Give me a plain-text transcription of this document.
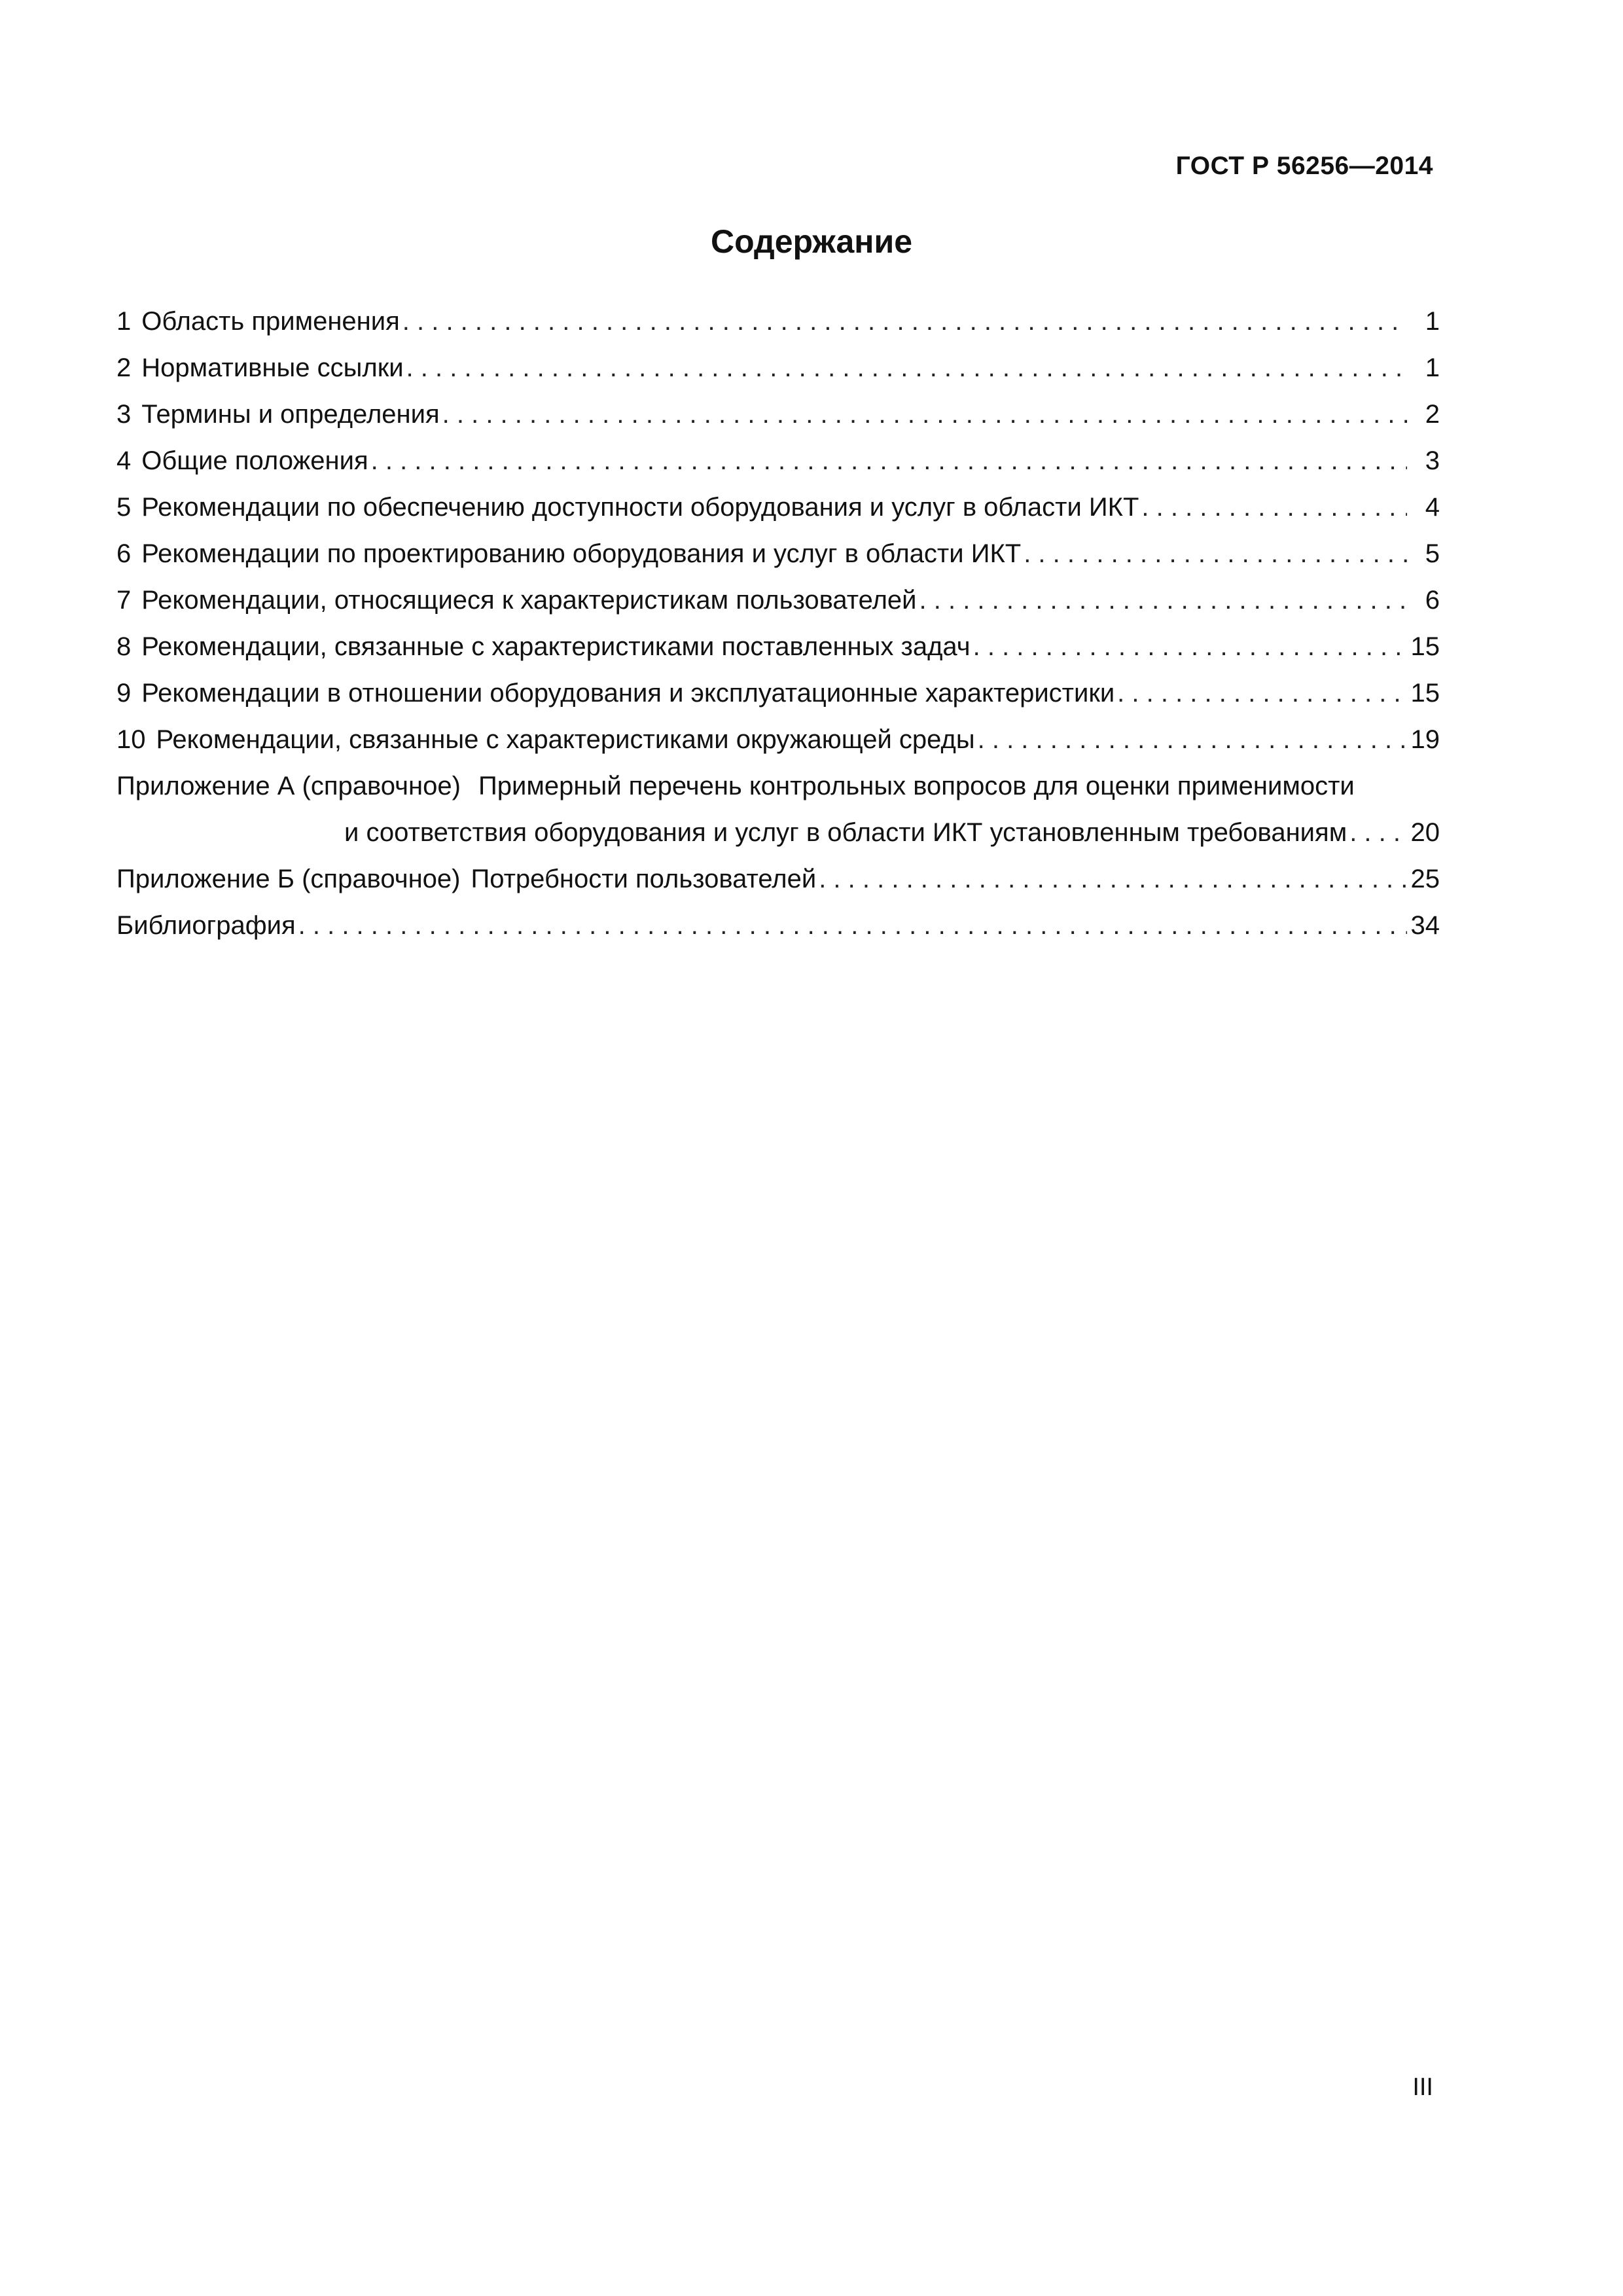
ГОСТ Р 56256—2014
Содержание
1 Область применения . . .	1
2 Нормативные ссылки . . .	1
3 Термины и определения . . .	2
4 Общие положения . . .	3
5 Рекомендации по обеспечению доступности оборудования и услуг в области ИКТ . . .	4
6 Рекомендации по проектированию оборудования и услуг в области ИКТ . . .	5
7 Рекомендации, относящиеся к характеристикам пользователей . . .	6
8 Рекомендации, связанные с характеристиками поставленных задач . . .	15
9 Рекомендации в отношении оборудования и эксплуатационные характеристики . . .	15
10 Рекомендации, связанные с характеристиками окружающей среды . . .	19
Приложение А (справочное) Примерный перечень контрольных вопросов для оценки применимости
и соответствия оборудования и услуг в области ИКТ установленным требованиям . . . 20
Приложение Б (справочное) Потребности пользователей . . .	25
Библиография . . .	34
III
